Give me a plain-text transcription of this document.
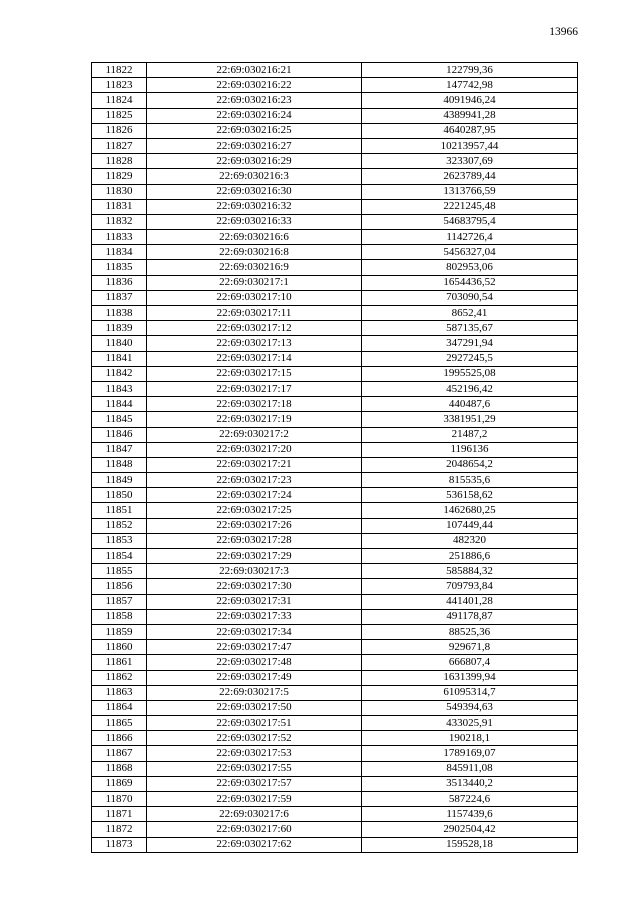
13966
11822	22:69:030216:21	122799,36
11823	22:69:030216:22	147742,98
11824	22:69:030216:23	4091946,24
11825	22:69:030216:24	4389941,28
11826	22:69:030216:25	4640287,95
11827	22:69:030216:27	10213957,44
11828	22:69:030216:29	323307,69
11829	22:69:030216:3	2623789,44
11830	22:69:030216:30	1313766,59
11831	22:69:030216:32	2221245,48
11832	22:69:030216:33	54683795,4
11833	22:69:030216:6	1142726,4
11834	22:69:030216:8	5456327,04
11835	22:69:030216:9	802953,06
11836	22:69:030217:1	1654436,52
11837	22:69:030217:10	703090,54
11838	22:69:030217:11	8652,41
11839	22:69:030217:12	587135,67
11840	22:69:030217:13	347291,94
11841	22:69:030217:14	2927245,5
11842	22:69:030217:15	1995525,08
11843	22:69:030217:17	452196,42
11844	22:69:030217:18	440487,6
11845	22:69:030217:19	3381951,29
11846	22:69:030217:2	21487,2
11847	22:69:030217:20	1196136
11848	22:69:030217:21	2048654,2
11849	22:69:030217:23	815535,6
11850	22:69:030217:24	536158,62
11851	22:69:030217:25	1462680,25
11852	22:69:030217:26	107449,44
11853	22:69:030217:28	482320
11854	22:69:030217:29	251886,6
11855	22:69:030217:3	585884,32
11856	22:69:030217:30	709793,84
11857	22:69:030217:31	441401,28
11858	22:69:030217:33	491178,87
11859	22:69:030217:34	88525,36
11860	22:69:030217:47	929671,8
11861	22:69:030217:48	666807,4
11862	22:69:030217:49	1631399,94
11863	22:69:030217:5	61095314,7
11864	22:69:030217:50	549394,63
11865	22:69:030217:51	433025,91
11866	22:69:030217:52	190218,1
11867	22:69:030217:53	1789169,07
11868	22:69:030217:55	845911,08
11869	22:69:030217:57	3513440,2
11870	22:69:030217:59	587224,6
11871	22:69:030217:6	1157439,6
11872	22:69:030217:60	2902504,42
11873	22:69:030217:62	159528,18
